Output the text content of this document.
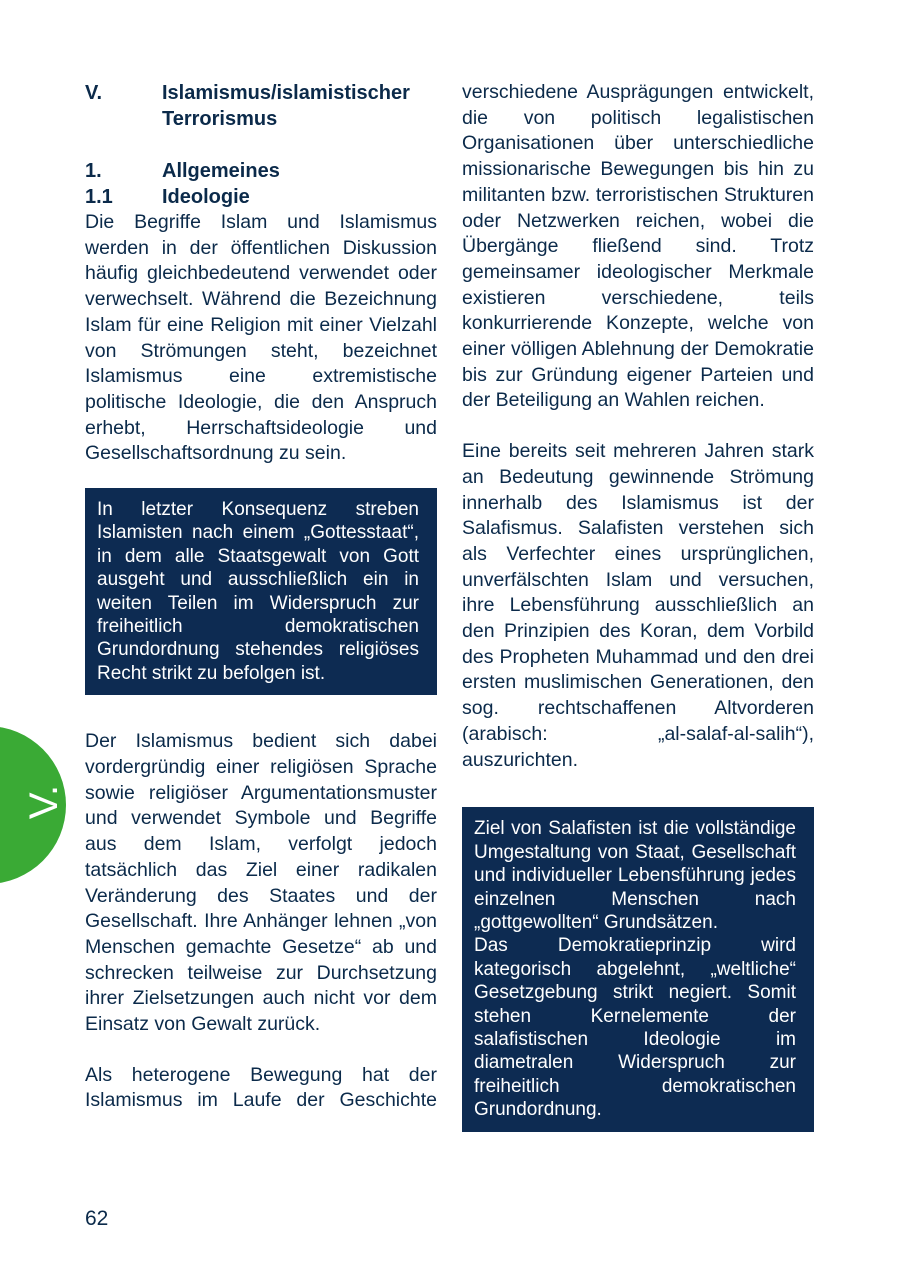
V.
V.	Islamismus/islamistischer Terrorismus
1.	Allgemeines
1.1	Ideologie

Die Begriffe Islam und Islamismus werden in der öffentlichen Diskussion häufig gleichbedeutend verwendet oder verwechselt. Während die Bezeichnung Islam für eine Religion mit einer Vielzahl von Strömungen steht, bezeichnet Islamismus eine extremistische politische Ideologie, die den Anspruch erhebt, Herrschaftsideologie und Gesellschaftsordnung zu sein.

In letzter Konsequenz streben Islamisten nach einem „Gottesstaat“, in dem alle Staatsgewalt von Gott ausgeht und ausschließlich ein in weiten Teilen im Widerspruch zur freiheitlich demokratischen Grundordnung stehendes religiöses Recht strikt zu befolgen ist.

Der Islamismus bedient sich dabei vordergründig einer religiösen Sprache sowie religiöser Argumentationsmuster und verwendet Symbole und Begriffe aus dem Islam, verfolgt jedoch tatsächlich das Ziel einer radikalen Veränderung des Staates und der Gesellschaft. Ihre Anhänger lehnen „von Menschen gemachte Gesetze“ ab und schrecken teilweise zur Durchsetzung ihrer Zielsetzungen auch nicht vor dem Einsatz von Gewalt zurück.

Als heterogene Bewegung hat der Islamismus im Laufe der Geschichte

verschiedene Ausprägungen entwickelt, die von politisch legalistischen Organisationen über unterschiedliche missionarische Bewegungen bis hin zu militanten bzw. terroristischen Strukturen oder Netzwerken reichen, wobei die Übergänge fließend sind. Trotz gemeinsamer ideologischer Merkmale existieren verschiedene, teils konkurrierende Konzepte, welche von einer völligen Ablehnung der Demokratie bis zur Gründung eigener Parteien und der Beteiligung an Wahlen reichen.

Eine bereits seit mehreren Jahren stark an Bedeutung gewinnende Strömung innerhalb des Islamismus ist der Salafismus. Salafisten verstehen sich als Verfechter eines ursprünglichen, unverfälschten Islam und versuchen, ihre Lebensführung ausschließlich an den Prinzipien des Koran, dem Vorbild des Propheten Muhammad und den drei ersten muslimischen Generationen, den sog. rechtschaffenen Altvorderen (arabisch: „al-salaf-al-salih“), auszurichten.

Ziel von Salafisten ist die vollständige Umgestaltung von Staat, Gesellschaft und individueller Lebensführung jedes einzelnen Menschen nach „gottgewollten“ Grundsätzen.

Das Demokratieprinzip wird kategorisch abgelehnt, „weltliche“ Gesetzgebung strikt negiert. Somit stehen Kernelemente der salafistischen Ideologie im diametralen Widerspruch zur freiheitlich demokratischen Grundordnung.

62
